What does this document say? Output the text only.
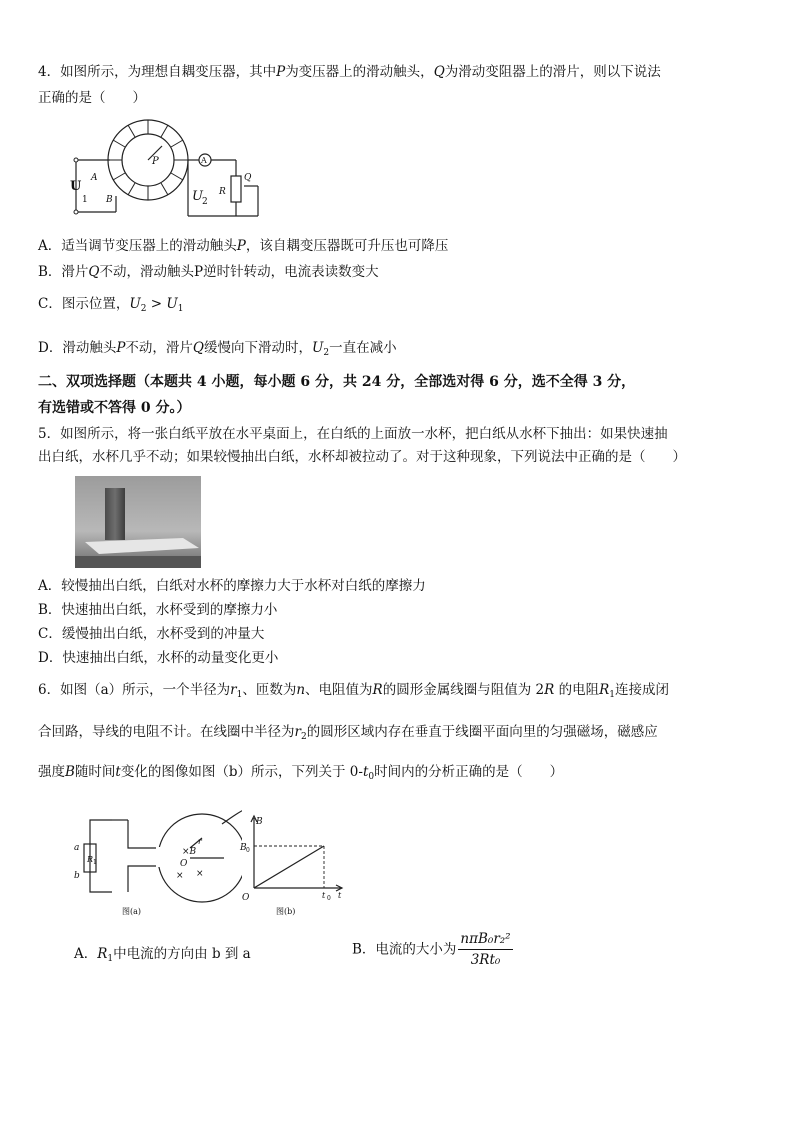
4．如图所示，为理想自耦变压器，其中P为变压器上的滑动触头，Q为滑动变阻器上的滑片，则以下说法
正确的是（　　）
U
1
A
B
P
U 2
A
R
Q
A．适当调节变压器上的滑动触头P，该自耦变压器既可升压也可降压
B．滑片Q不动，滑动触头P逆时针转动，电流表读数变大
C．图示位置，$U_2 > U_1$
D．滑动触头P不动，滑片Q缓慢向下滑动时，$U_2$一直在减小
二、双项选择题（本题共 4 小题，每小题 6 分，共 24 分，全部选对得 6 分，选不全得 3 分，
有选错或不答得 0 分。）
5．如图所示，将一张白纸平放在水平桌面上，在白纸的上面放一水杯，把白纸从水杯下抽出：如果快速抽
出白纸，水杯几乎不动；如果较慢抽出白纸，水杯却被拉动了。对于这种现象，下列说法中正确的是（　　）
A．较慢抽出白纸，白纸对水杯的摩擦力大于水杯对白纸的摩擦力
B．快速抽出白纸，水杯受到的摩擦力小
C．缓慢抽出白纸，水杯受到的冲量大
D．快速抽出白纸，水杯的动量变化更小
6．如图（a）所示，一个半径为$r_1$、匝数为n、电阻值为R的圆形金属线圈与阻值为 2R 的电阻$R_1$连接成闭
合回路，导线的电阻不计。在线圈中半径为$r_2$的圆形区域内存在垂直于线圈平面向里的匀强磁场，磁感应
强度B随时间t变化的图像如图（b）所示，下列关于 $0-t_0$时间内的分析正确的是（　　）
a
b
R 1
×B
r
O
× ×
图(a)
B
B 0
O	t 0 t
图(b)
A．$R_1$中电流的方向由 b 到 a	B．电流的大小为 $\frac{\text{nπB₀r₂²}}{\text{3Rt₀}}$
